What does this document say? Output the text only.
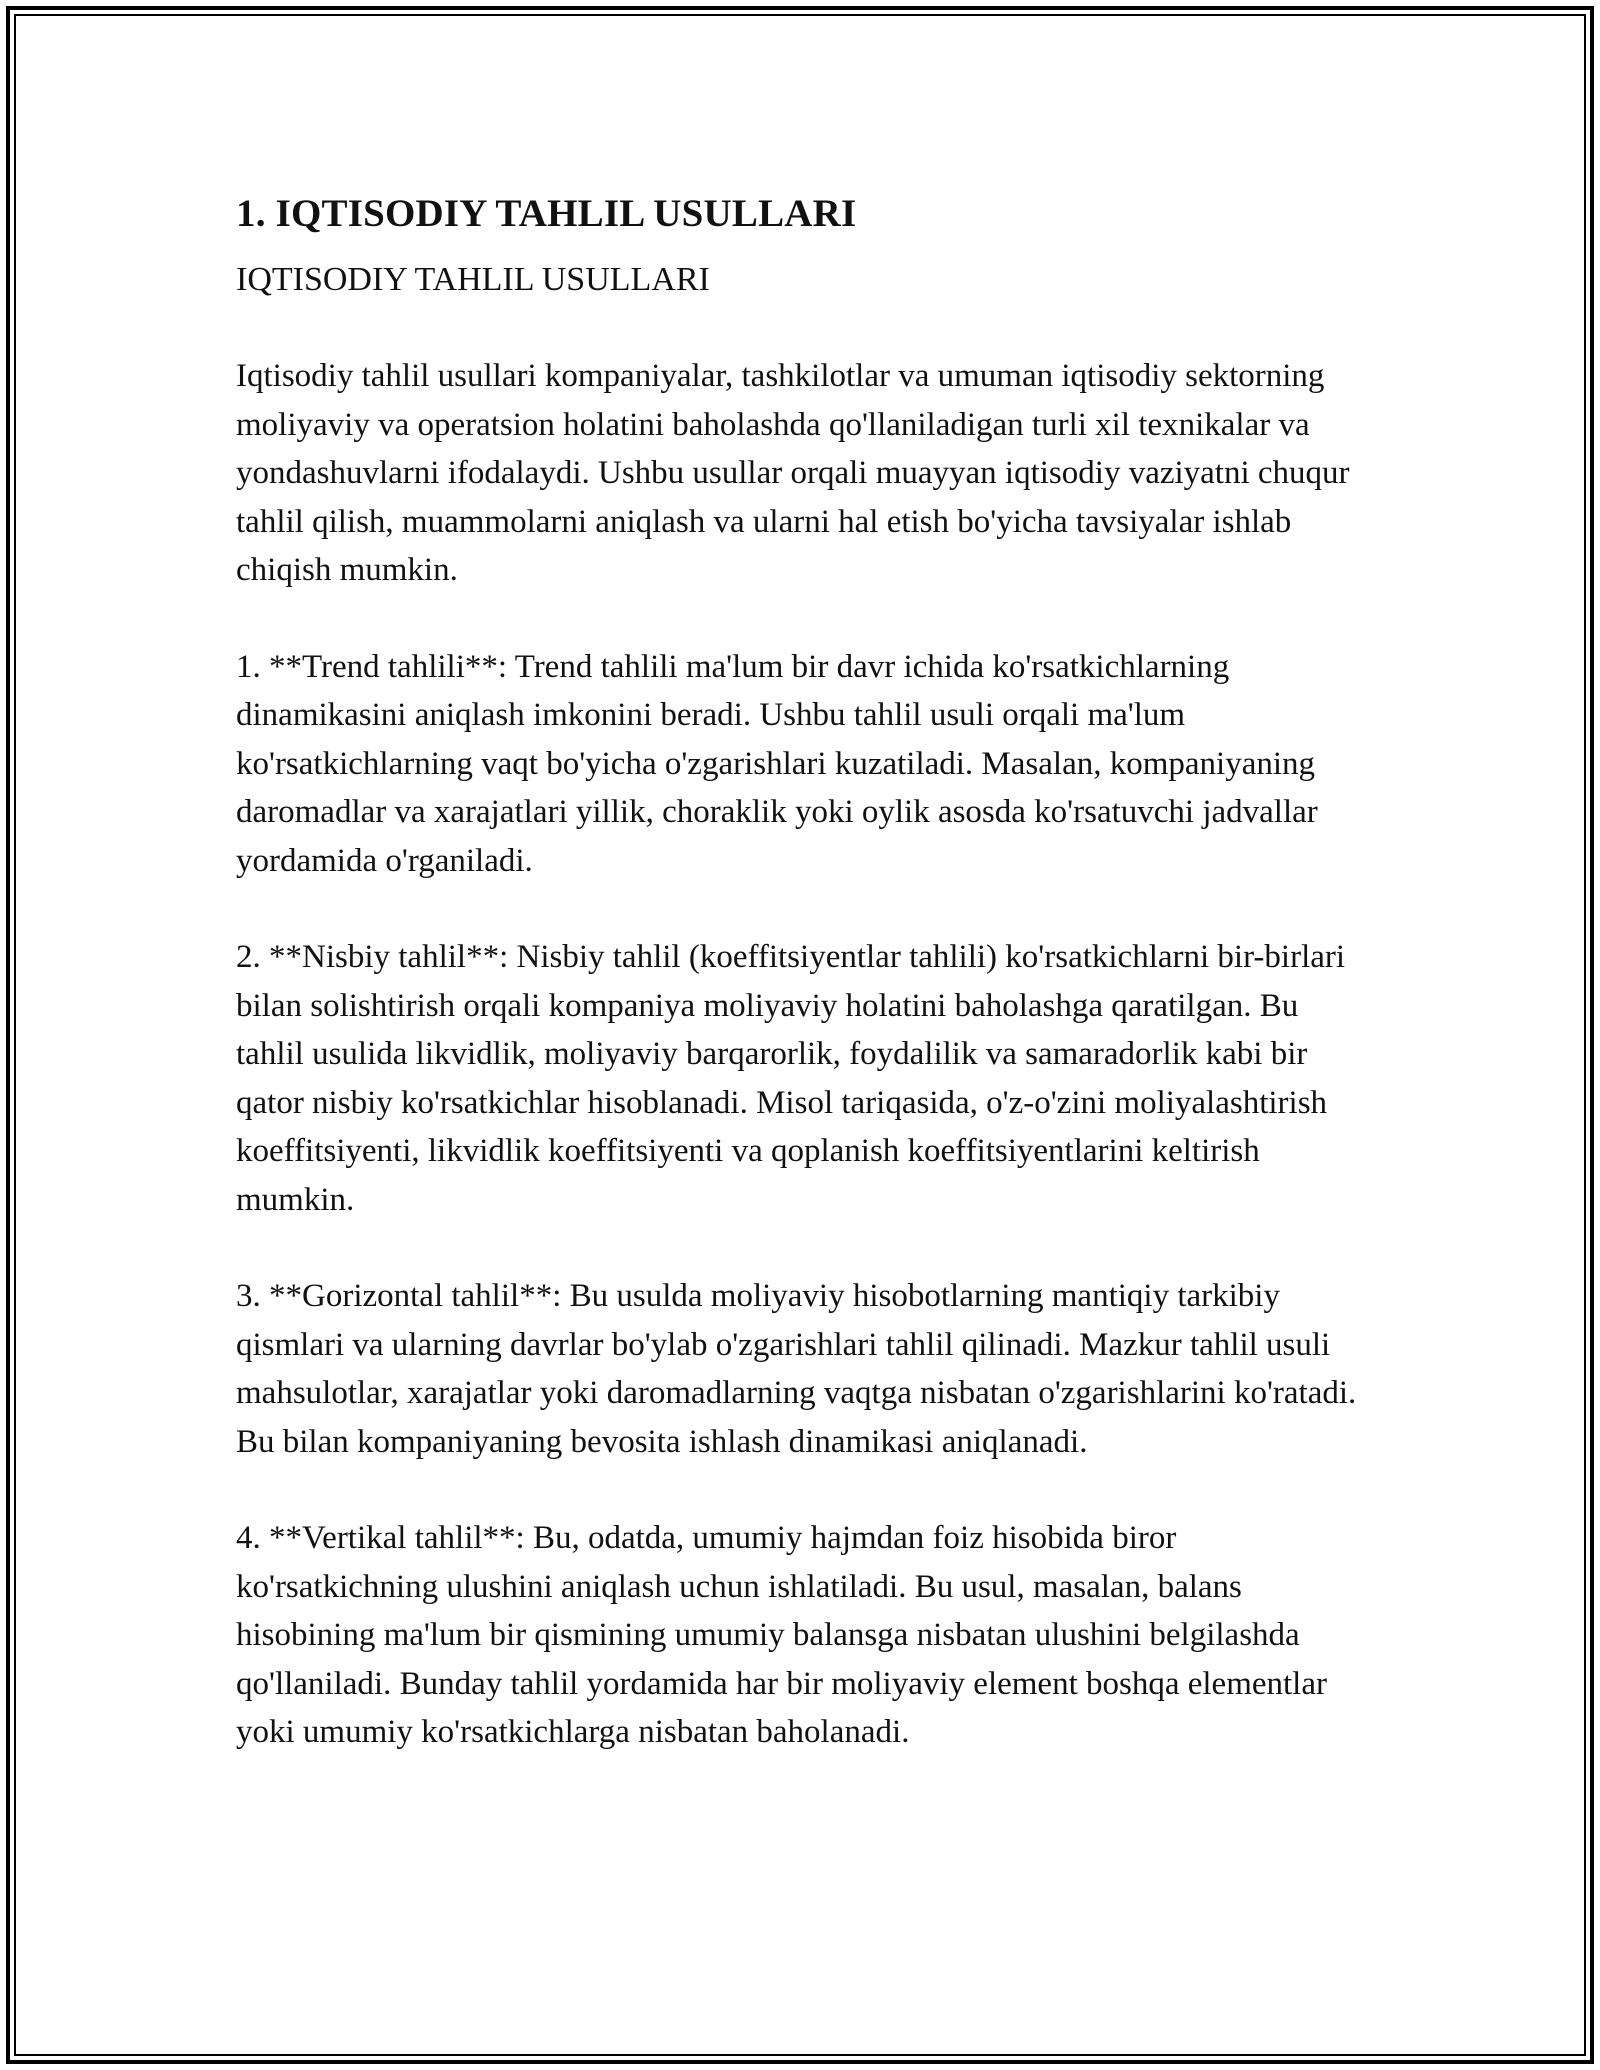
1. IQTISODIY TAHLIL USULLARI

IQTISODIY TAHLIL USULLARI

Iqtisodiy tahlil usullari kompaniyalar, tashkilotlar va umuman iqtisodiy sektorning moliyaviy va operatsion holatini baholashda qo'llaniladigan turli xil texnikalar va yondashuvlarni ifodalaydi. Ushbu usullar orqali muayyan iqtisodiy vaziyatni chuqur tahlil qilish, muammolarni aniqlash va ularni hal etish bo'yicha tavsiyalar ishlab chiqish mumkin.

1. **Trend tahlili**: Trend tahlili ma'lum bir davr ichida ko'rsatkichlarning dinamikasini aniqlash imkonini beradi. Ushbu tahlil usuli orqali ma'lum ko'rsatkichlarning vaqt bo'yicha o'zgarishlari kuzatiladi. Masalan, kompaniyaning daromadlar va xarajatlari yillik, choraklik yoki oylik asosda ko'rsatuvchi jadvallar yordamida o'rganiladi.

2. **Nisbiy tahlil**: Nisbiy tahlil (koeffitsiyentlar tahlili) ko'rsatkichlarni bir-birlari bilan solishtirish orqali kompaniya moliyaviy holatini baholashga qaratilgan. Bu tahlil usulida likvidlik, moliyaviy barqarorlik, foydalilik va samaradorlik kabi bir qator nisbiy ko'rsatkichlar hisoblanadi. Misol tariqasida, o'z-o'zini moliyalashtirish koeffitsiyenti, likvidlik koeffitsiyenti va qoplanish koeffitsiyentlarini keltirish mumkin.

3. **Gorizontal tahlil**: Bu usulda moliyaviy hisobotlarning mantiqiy tarkibiy qismlari va ularning davrlar bo'ylab o'zgarishlari tahlil qilinadi. Mazkur tahlil usuli mahsulotlar, xarajatlar yoki daromadlarning vaqtga nisbatan o'zgarishlarini ko'ratadi. Bu bilan kompaniyaning bevosita ishlash dinamikasi aniqlanadi.

4. **Vertikal tahlil**: Bu, odatda, umumiy hajmdan foiz hisobida biror ko'rsatkichning ulushini aniqlash uchun ishlatiladi. Bu usul, masalan, balans hisobining ma'lum bir qismining umumiy balansga nisbatan ulushini belgilashda qo'llaniladi. Bunday tahlil yordamida har bir moliyaviy element boshqa elementlar yoki umumiy ko'rsatkichlarga nisbatan baholanadi.
